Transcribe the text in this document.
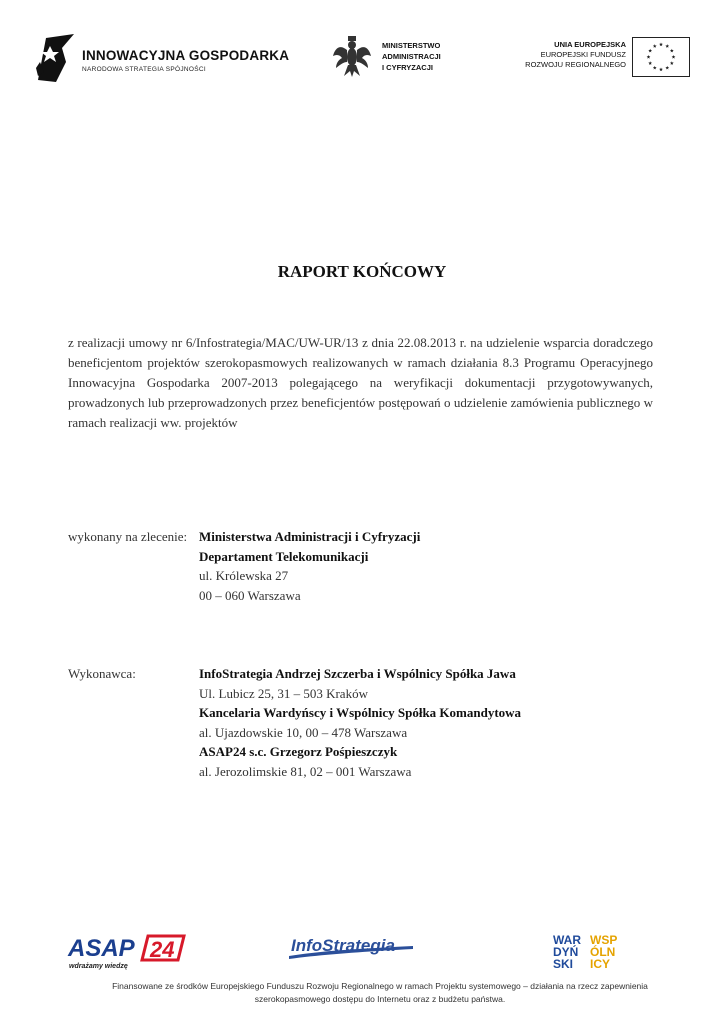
INNOWACYJNA GOSPODARKA
NARODOWA STRATEGIA SPÓJNOŚCI
MINISTERSTWO
ADMINISTRACJI
I CYFRYZACJI
UNIA EUROPEJSKA
EUROPEJSKI FUNDUSZ
ROZWOJU REGIONALNEGO
RAPORT KOŃCOWY
z realizacji umowy nr 6/Infostrategia/MAC/UW-UR/13 z dnia 22.08.2013 r. na udzielenie wsparcia doradczego beneficjentom projektów szerokopasmowych realizowanych w ramach działania 8.3 Programu Operacyjnego Innowacyjna Gospodarka 2007-2013 polegającego na weryfikacji dokumentacji przygotowywanych, prowadzonych lub przeprowadzonych przez beneficjentów postępowań o udzielenie zamówienia publicznego w ramach realizacji ww. projektów
wykonany na zlecenie: Ministerstwa Administracji i Cyfryzacji
Departament Telekomunikacji
ul. Królewska 27
00 – 060 Warszawa
Wykonawca:	InfoStrategia Andrzej Szczerba i Wspólnicy Spółka Jawa
Ul. Lubicz 25, 31 – 503 Kraków
Kancelaria Wardyńscy i Wspólnicy Spółka Komandytowa
al. Ujazdowskie 10, 00 – 478 Warszawa
ASAP24 s.c. Grzegorz Pośpieszczyk
al. Jerozolimskie 81, 02 – 001 Warszawa
ASAP 24
wdrażamy wiedzę
InfoStrategia	WAR
DYŃ
SKI
WSP
ÓLN
ICY
Finansowane ze środków Europejskiego Funduszu Rozwoju Regionalnego w ramach Projektu systemowego – działania na rzecz zapewnienia
szerokopasmowego dostępu do Internetu oraz z budżetu państwa.
